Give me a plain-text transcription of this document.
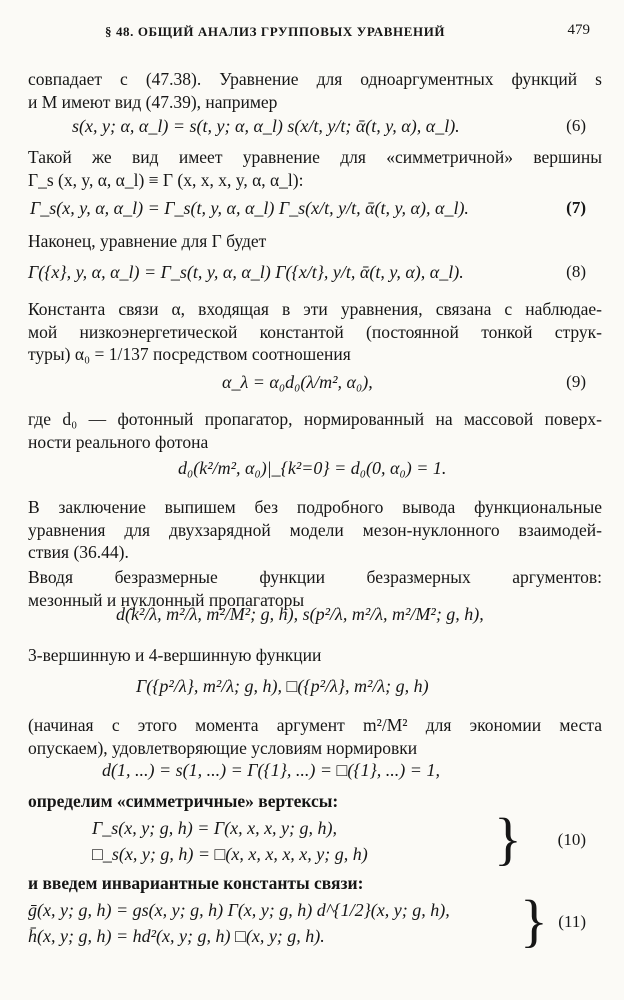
§ 48. ОБЩИЙ АНАЛИЗ ГРУППОВЫХ УРАВНЕНИЙ	479
совпадает с (47.38). Уравнение для одноаргументных функций s
и M имеют вид (47.39), например
s(x, y; α, α_l) = s(t, y; α, α_l) s(x/t, y/t; ᾱ(t, y, α), α_l).	(6)
Такой же вид имеет уравнение для «симметричной» вершины
Γ_s (x, y, α, α_l) ≡ Γ (x, x, x, y, α, α_l):
Γ_s(x, y, α, α_l) = Γ_s(t, y, α, α_l) Γ_s(x/t, y/t, ᾱ(t, y, α), α_l).	(7)
Наконец, уравнение для Γ будет
Γ({x}, y, α, α_l) = Γ_s(t, y, α, α_l) Γ({x/t}, y/t, ᾱ(t, y, α), α_l).	(8)
Константа связи α, входящая в эти уравнения, связана с наблюдае-
мой низкоэнергетической константой (постоянной тонкой струк-
туры) α₀ = 1/137 посредством соотношения
α_λ = α₀d₀(λ/m², α₀),	(9)
где d₀ — фотонный пропагатор, нормированный на массовой поверх-
ности реального фотона
d₀(k²/m², α₀)|_{k²=0} = d₀(0, α₀) = 1.
В заключение выпишем без подробного вывода функциональные
уравнения для двухзарядной модели мезон-нуклонного взаимодей-
ствия (36.44).
Вводя безразмерные функции безразмерных аргументов:
мезонный и нуклонный пропагаторы
d(k²/λ, m²/λ, m²/M²; g, h), s(p²/λ, m²/λ, m²/M²; g, h),
3-вершинную и 4-вершинную функции
Γ({p²/λ}, m²/λ; g, h), □({p²/λ}, m²/λ; g, h)
(начиная с этого момента аргумент m²/M² для экономии места
опускаем), удовлетворяющие условиям нормировки
d(1, ...) = s(1, ...) = Γ({1}, ...) = □({1}, ...) = 1,
определим «симметричные» вертексы:
Γ_s(x, y; g, h) = Γ(x, x, x, y; g, h),
□_s(x, y; g, h) = □(x, x, x, x, x, y; g, h) } (10)
и введем инвариантные константы связи:
ḡ(x, y; g, h) = gs(x, y; g, h) Γ(x, y; g, h) d^{1/2}(x, y; g, h),
h̄(x, y; g, h) = hd²(x, y; g, h) □(x, y; g, h).	} (11)
